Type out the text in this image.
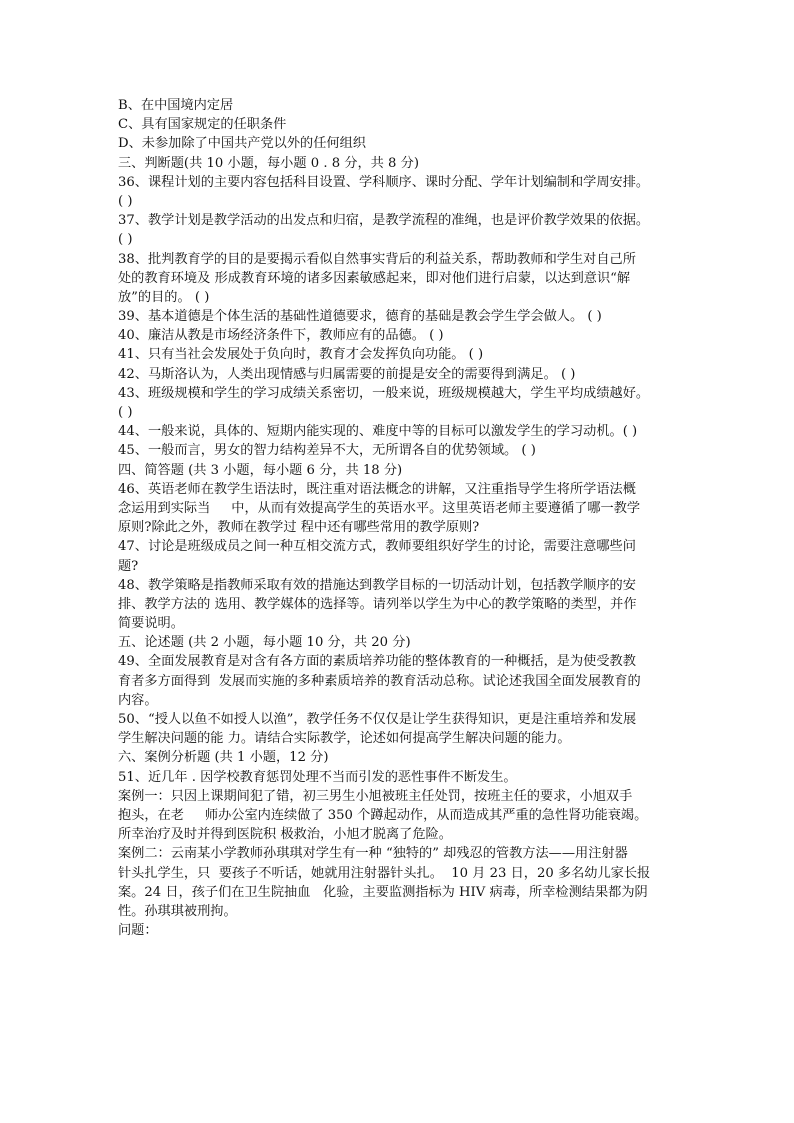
B、在中国境内定居
C、具有国家规定的任职条件
D、未参加除了中国共产党以外的任何组织
三、判断题(共 10 小题，每小题 0 . 8 分，共 8 分)
36、课程计划的主要内容包括科目设置、学科顺序、课时分配、学年计划编制和学周安排。
( )
37、教学计划是教学活动的出发点和归宿，是教学流程的准绳，也是评价教学效果的依据。
( )
38、批判教育学的目的是要揭示看似自然事实背后的利益关系，帮助教师和学生对自己所
处的教育环境及 形成教育环境的诸多因素敏感起来，即对他们进行启蒙，以达到意识“解
放”的目的。 ( )
39、基本道德是个体生活的基础性道德要求，德育的基础是教会学生学会做人。 ( )
40、廉洁从教是市场经济条件下，教师应有的品德。 ( )
41、只有当社会发展处于负向时，教育才会发挥负向功能。 ( )
42、马斯洛认为，人类出现情感与归属需要的前提是安全的需要得到满足。 ( )
43、班级规模和学生的学习成绩关系密切，一般来说，班级规模越大，学生平均成绩越好。
( )
44、一般来说，具体的、短期内能实现的、难度中等的目标可以激发学生的学习动机。( )
45、一般而言，男女的智力结构差异不大，无所谓各自的优势领域。 ( )
四、简答题 (共 3 小题，每小题 6 分，共 18 分)
46、英语老师在教学生语法时，既注重对语法概念的讲解，又注重指导学生将所学语法概
念运用到实际当     中，从而有效提高学生的英语水平。这里英语老师主要遵循了哪一教学
原则?除此之外，教师在教学过 程中还有哪些常用的教学原则?
47、讨论是班级成员之间一种互相交流方式，教师要组织好学生的讨论，需要注意哪些问
题?
48、教学策略是指教师采取有效的措施达到教学目标的一切活动计划，包括教学顺序的安
排、教学方法的 选用、教学媒体的选择等。请列举以学生为中心的教学策略的类型，并作
简要说明。
五、论述题 (共 2 小题，每小题 10 分，共 20 分)
49、全面发展教育是对含有各方面的素质培养功能的整体教育的一种概括，是为使受教教
育者多方面得到  发展而实施的多种素质培养的教育活动总称。试论述我国全面发展教育的
内容。
50、“授人以鱼不如授人以渔”，教学任务不仅仅是让学生获得知识，更是注重培养和发展
学生解决问题的能 力。请结合实际教学，论述如何提高学生解决问题的能力。
六、案例分析题 (共 1 小题，12 分)
51、近几年 . 因学校教育惩罚处理不当而引发的恶性事件不断发生。
案例一：只因上课期间犯了错，初三男生小旭被班主任处罚，按班主任的要求，小旭双手
抱头，在老     师办公室内连续做了 350 个蹲起动作，从而造成其严重的急性肾功能衰竭。
所幸治疗及时并得到医院积 极救治，小旭才脱离了危险。
案例二：云南某小学教师孙琪琪对学生有一种 “独特的” 却残忍的管教方法——用注射器
针头扎学生，只  要孩子不听话，她就用注射器针头扎。  10 月 23 日，20 多名幼儿家长报
案。24 日，孩子们在卫生院抽血   化验，主要监测指标为 HIV 病毒，所幸检测结果都为阴
性。孙琪琪被刑拘。
问题：
